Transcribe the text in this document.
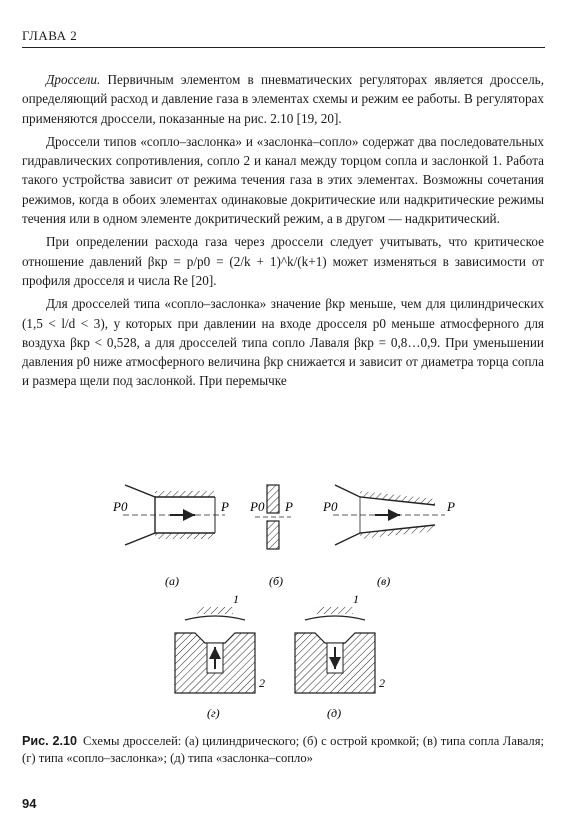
ГЛАВА 2

Дроссели. Первичным элементом в пневматических регуляторах является дроссель, определяющий расход и давление газа в элементах схемы и режим ее работы. В регуляторах применяются дроссели, показанные на рис. 2.10 [19, 20].

Дроссели типов «сопло–заслонка» и «заслонка–сопло» содержат два последовательных гидравлических сопротивления, сопло 2 и канал между торцом сопла и заслонкой 1. Работа такого устройства зависит от режима течения газа в этих элементах. Возможны сочетания режимов, когда в обоих элементах одинаковые докритические или надкритические режимы течения или в одном элементе докритический режим, а в другом — надкритический.

При определении расхода газа через дроссели следует учитывать, что критическое отношение давлений βкр = p/p0 = (2/k + 1)^k/(k+1) может изменяться в зависимости от профиля дросселя и числа Re [20].

Для дросселей типа «сопло–заслонка» значение βкр меньше, чем для цилиндрических (1,5 < l/d < 3), у которых при давлении на входе дросселя p0 меньше атмосферного для воздуха βкр < 0,528, а для дросселей типа сопло Лаваля βкр = 0,8…0,9. При уменьшении давления p0 ниже атмосферного величина βкр снижается и зависит от диаметра торца сопла и размера щели под заслонкой. При перемычке

P0	P P0 P P0	P
(а)	(б)	(в)
1
2
1
2
(г)	(д)
Рис. 2.10 Схемы дросселей: (а) цилиндрического; (б) с острой кромкой; (в) типа сопла Лаваля; (г) типа «сопло–заслонка»; (д) типа «заслонка–сопло»
94
